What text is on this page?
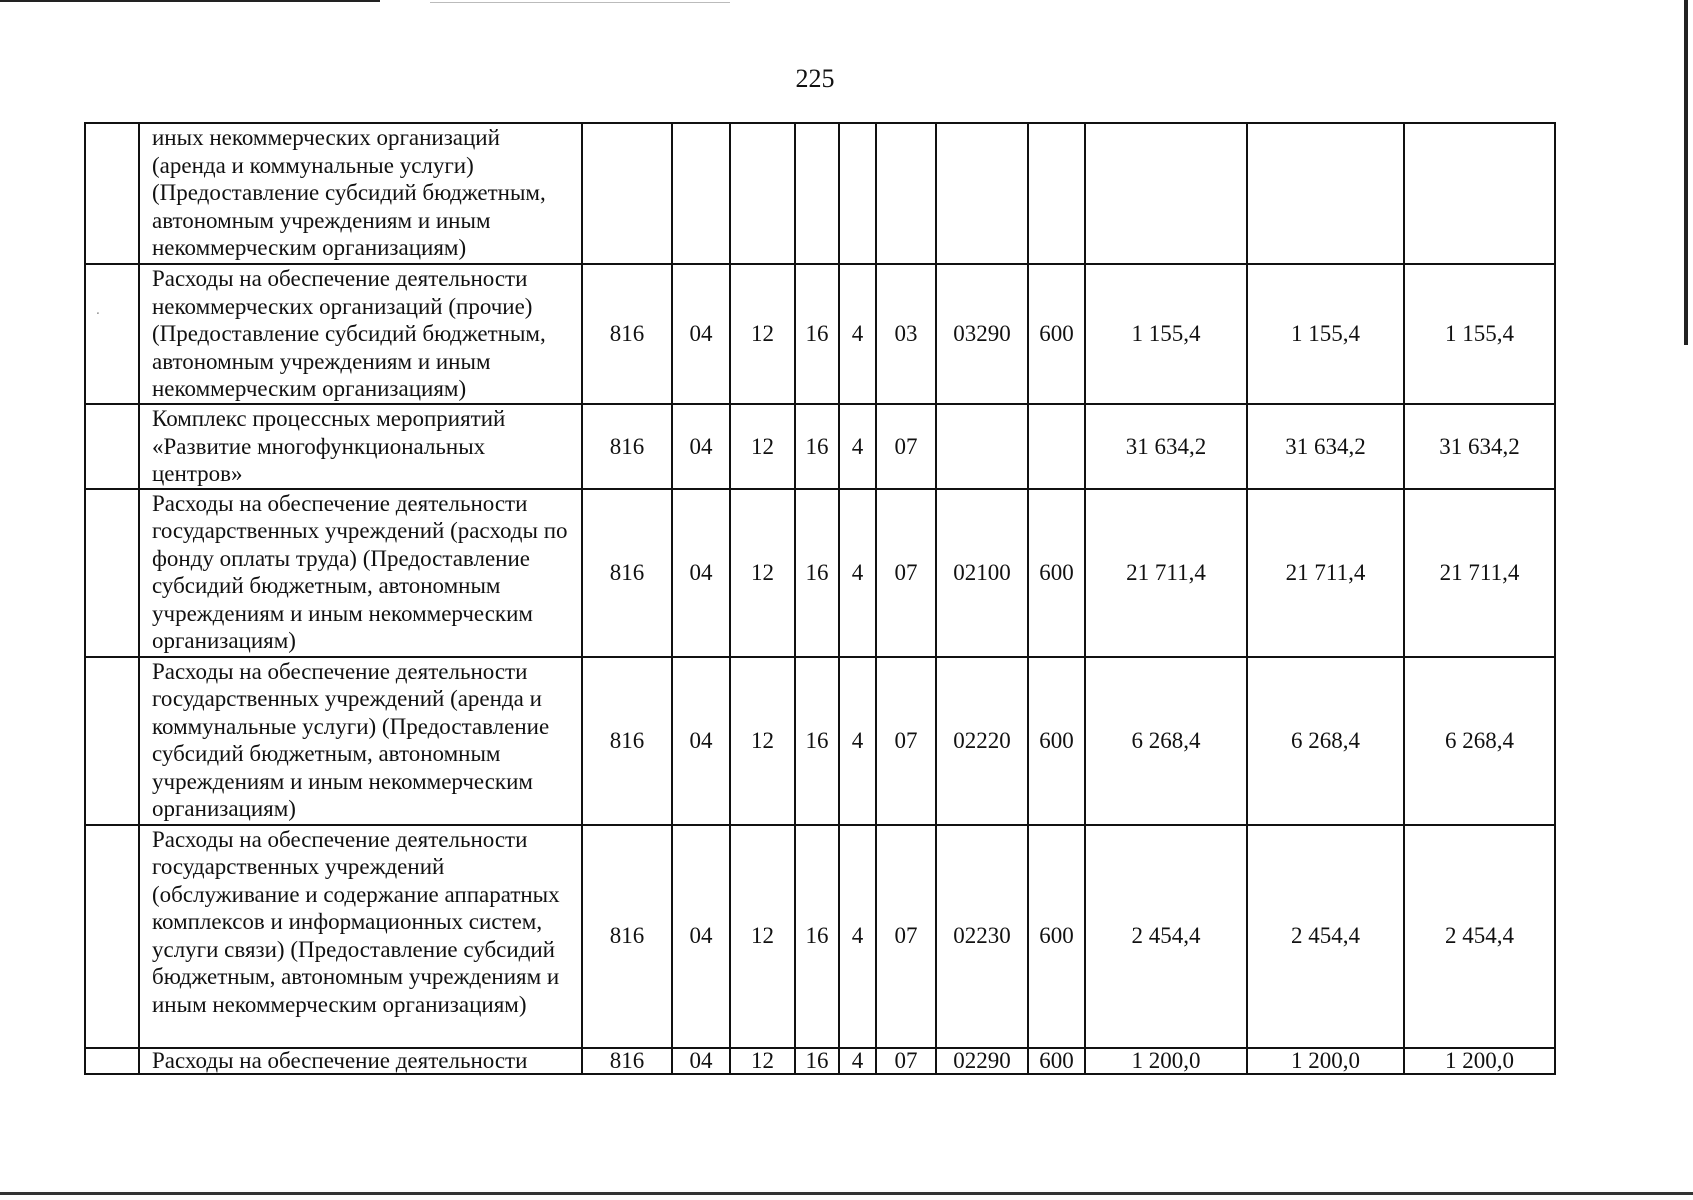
ˑ
225
	иных некоммерческих организаций (аренда и коммунальные услуги) (Предоставление субсидий бюджетным, автономным учреждениям и иным некоммерческим организациям)											
	Расходы на обеспечение деятельности некоммерческих организаций (прочие) (Предоставление субсидий бюджетным, автономным учреждениям и иным некоммерческим организациям)	816	04	12	16	4	03	03290	600	1 155,4	1 155,4	1 155,4
	Комплекс процессных мероприятий «Развитие многофункциональных центров»	816	04	12	16	4	07			31 634,2	31 634,2	31 634,2
	Расходы на обеспечение деятельности государственных учреждений (расходы по фонду оплаты труда) (Предоставление субсидий бюджетным, автономным учреждениям и иным некоммерческим организациям)	816	04	12	16	4	07	02100	600	21 711,4	21 711,4	21 711,4
	Расходы на обеспечение деятельности государственных учреждений (аренда и коммунальные услуги) (Предоставление субсидий бюджетным, автономным учреждениям и иным некоммерческим организациям)	816	04	12	16	4	07	02220	600	6 268,4	6 268,4	6 268,4
	Расходы на обеспечение деятельности государственных учреждений (обслуживание и содержание аппаратных комплексов и информационных систем, услуги связи) (Предоставление субсидий бюджетным, автономным учреждениям и иным некоммерческим организациям)	816	04	12	16	4	07	02230	600	2 454,4	2 454,4	2 454,4
	Расходы на обеспечение деятельности	816	04	12	16	4	07	02290	600	1 200,0	1 200,0	1 200,0
